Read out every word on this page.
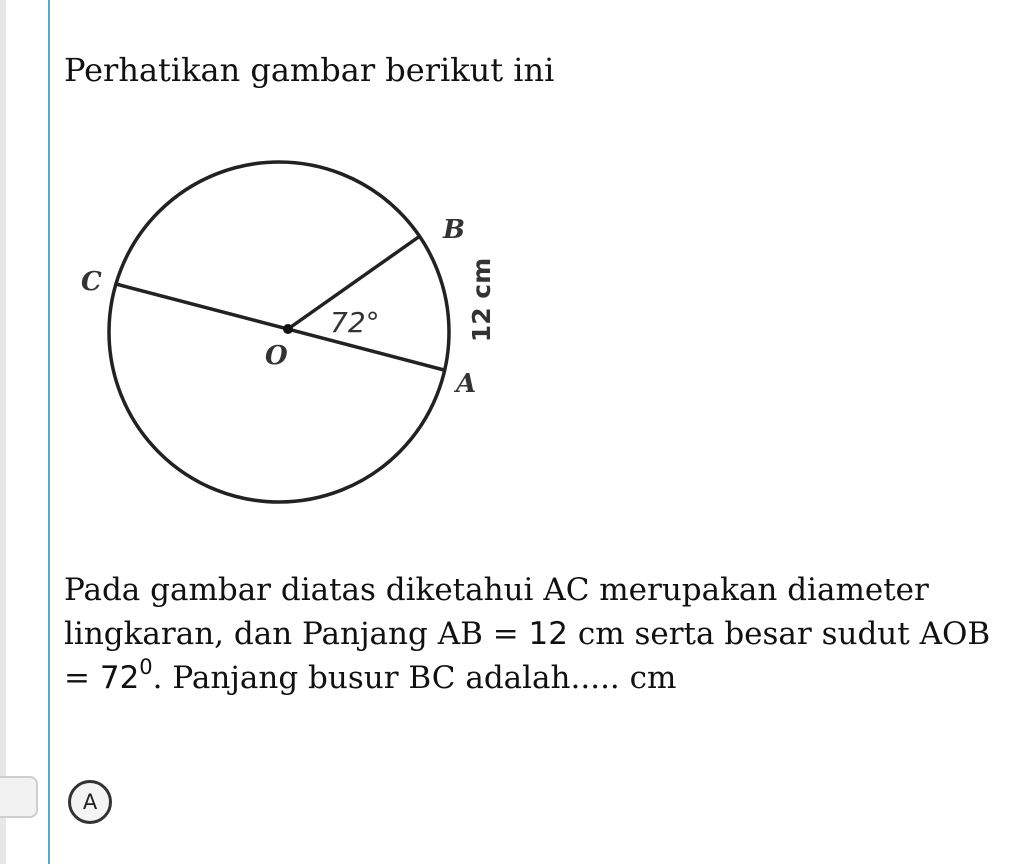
Perhatikan gambar berikut ini

B
C
O
A
72°	12 cm

Pada gambar diatas diketahui AC merupakan diameter lingkaran, dan Panjang AB = 12 cm serta besar sudut AOB = $72^0$. Panjang busur BC adalah..... cm

A
